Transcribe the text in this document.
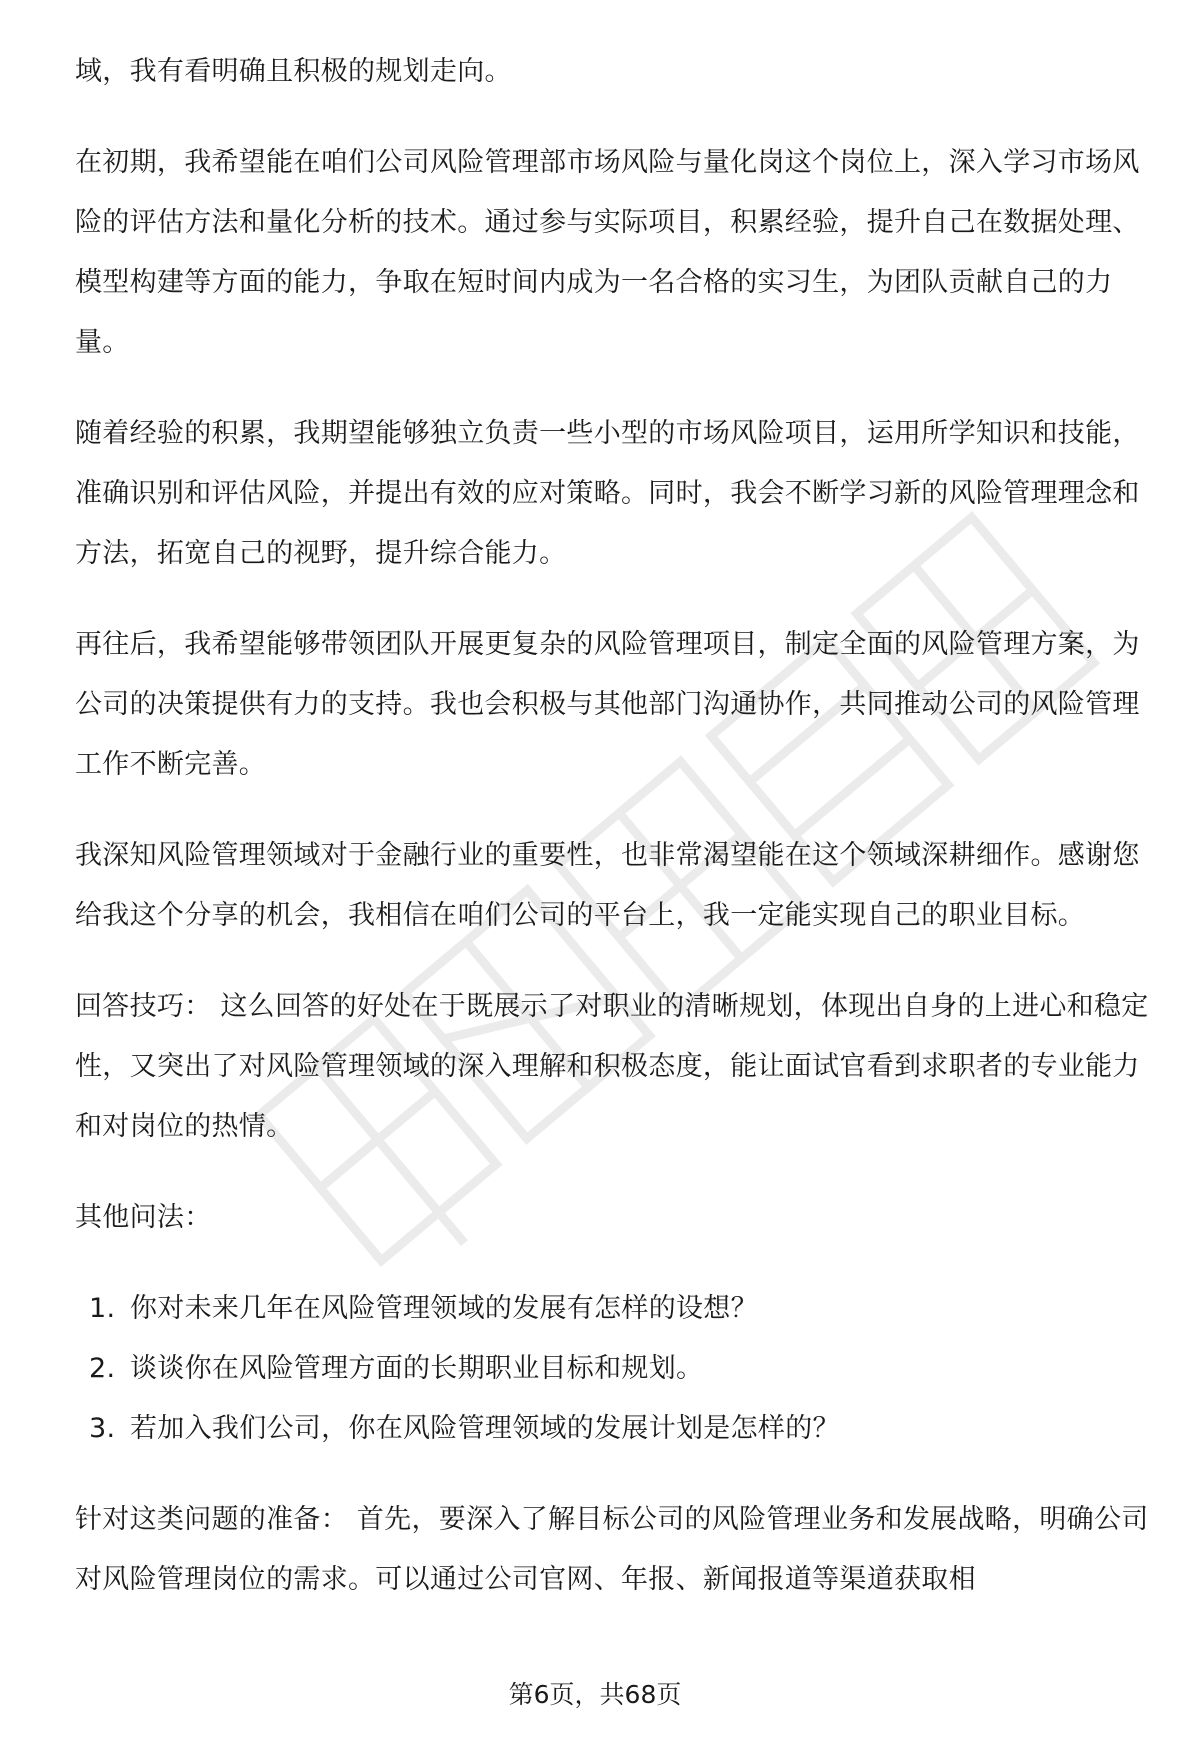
域，我有看明确且积极的规划走向。

在初期，我希望能在咱们公司风险管理部市场风险与量化岗这个岗位上，深入学习市场风险的评估方法和量化分析的技术。通过参与实际项目，积累经验，提升自己在数据处理、模型构建等方面的能力，争取在短时间内成为一名合格的实习生，为团队贡献自己的力量。

随着经验的积累，我期望能够独立负责一些小型的市场风险项目，运用所学知识和技能，准确识别和评估风险，并提出有效的应对策略。同时，我会不断学习新的风险管理理念和方法，拓宽自己的视野，提升综合能力。

再往后，我希望能够带领团队开展更复杂的风险管理项目，制定全面的风险管理方案，为公司的决策提供有力的支持。我也会积极与其他部门沟通协作，共同推动公司的风险管理工作不断完善。

我深知风险管理领域对于金融行业的重要性，也非常渴望能在这个领域深耕细作。感谢您给我这个分享的机会，我相信在咱们公司的平台上，我一定能实现自己的职业目标。

回答技巧： 这么回答的好处在于既展示了对职业的清晰规划，体现出自身的上进心和稳定性，又突出了对风险管理领域的深入理解和积极态度，能让面试官看到求职者的专业能力和对岗位的热情。

其他问法：

1. 你对未来几年在风险管理领域的发展有怎样的设想？
2. 谈谈你在风险管理方面的长期职业目标和规划。
3. 若加入我们公司，你在风险管理领域的发展计划是怎样的？

针对这类问题的准备： 首先，要深入了解目标公司的风险管理业务和发展战略，明确公司对风险管理岗位的需求。可以通过公司官网、年报、新闻报道等渠道获取相

第6页，共68页
